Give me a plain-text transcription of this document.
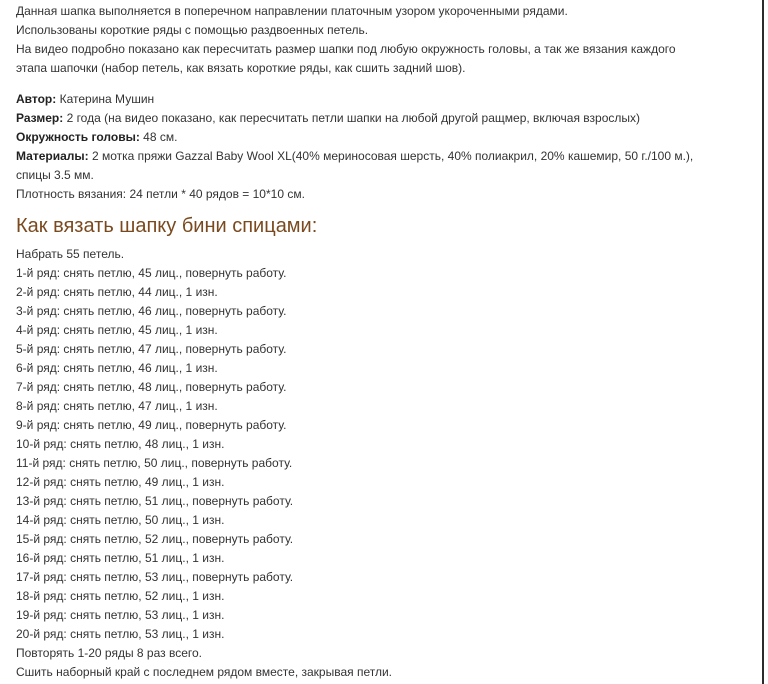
Данная шапка выполняется в поперечном направлении платочным узором укороченными рядами.
Использованы короткие ряды с помощью раздвоенных петель.
На видео подробно показано как пересчитать размер шапки под любую окружность головы, а так же вязания каждого
этапа шапочки (набор петель, как вязать короткие ряды, как сшить задний шов).
Автор: Катерина Мушин
Размер: 2 года (на видео показано, как пересчитать петли шапки на любой другой ращмер, включая взрослых)
Окружность головы: 48 см.
Материалы: 2 мотка пряжи Gazzal Baby Wool XL(40% мериносовая шерсть, 40% полиакрил, 20% кашемир, 50 г./100 м.),
спицы 3.5 мм.
Плотность вязания: 24 петли * 40 рядов = 10*10 см.
Как вязать шапку бини спицами:
Набрать 55 петель.
1-й ряд: снять петлю, 45 лиц., повернуть работу.
2-й ряд: снять петлю, 44 лиц., 1 изн.
3-й ряд: снять петлю, 46 лиц., повернуть работу.
4-й ряд: снять петлю, 45 лиц., 1 изн.
5-й ряд: снять петлю, 47 лиц., повернуть работу.
6-й ряд: снять петлю, 46 лиц., 1 изн.
7-й ряд: снять петлю, 48 лиц., повернуть работу.
8-й ряд: снять петлю, 47 лиц., 1 изн.
9-й ряд: снять петлю, 49 лиц., повернуть работу.
10-й ряд: снять петлю, 48 лиц., 1 изн.
11-й ряд: снять петлю, 50 лиц., повернуть работу.
12-й ряд: снять петлю, 49 лиц., 1 изн.
13-й ряд: снять петлю, 51 лиц., повернуть работу.
14-й ряд: снять петлю, 50 лиц., 1 изн.
15-й ряд: снять петлю, 52 лиц., повернуть работу.
16-й ряд: снять петлю, 51 лиц., 1 изн.
17-й ряд: снять петлю, 53 лиц., повернуть работу.
18-й ряд: снять петлю, 52 лиц., 1 изн.
19-й ряд: снять петлю, 53 лиц., 1 изн.
20-й ряд: снять петлю, 53 лиц., 1 изн.
Повторять 1-20 ряды 8 раз всего.
Сшить наборный край с последнем рядом вместе, закрывая петли.
